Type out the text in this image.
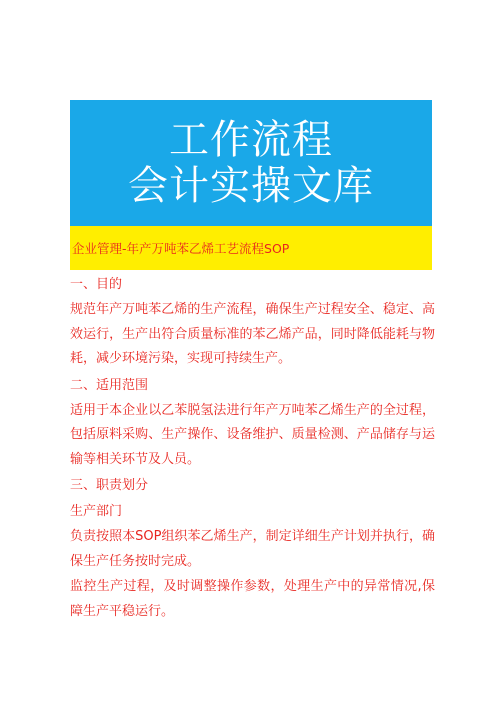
工作流程
会计实操文库
企业管理-年产万吨苯乙烯工艺流程SOP

一、目的

规范年产万吨苯乙烯的生产流程，确保生产过程安全、稳定、高效运行，生产出符合质量标准的苯乙烯产品，同时降低能耗与物耗，减少环境污染，实现可持续生产。

二、适用范围

适用于本企业以乙苯脱氢法进行年产万吨苯乙烯生产的全过程，包括原料采购、生产操作、设备维护、质量检测、产品储存与运输等相关环节及人员。

三、职责划分

生产部门

负责按照本SOP组织苯乙烯生产，制定详细生产计划并执行，确保生产任务按时完成。

监控生产过程，及时调整操作参数，处理生产中的异常情况,保障生产平稳运行。
